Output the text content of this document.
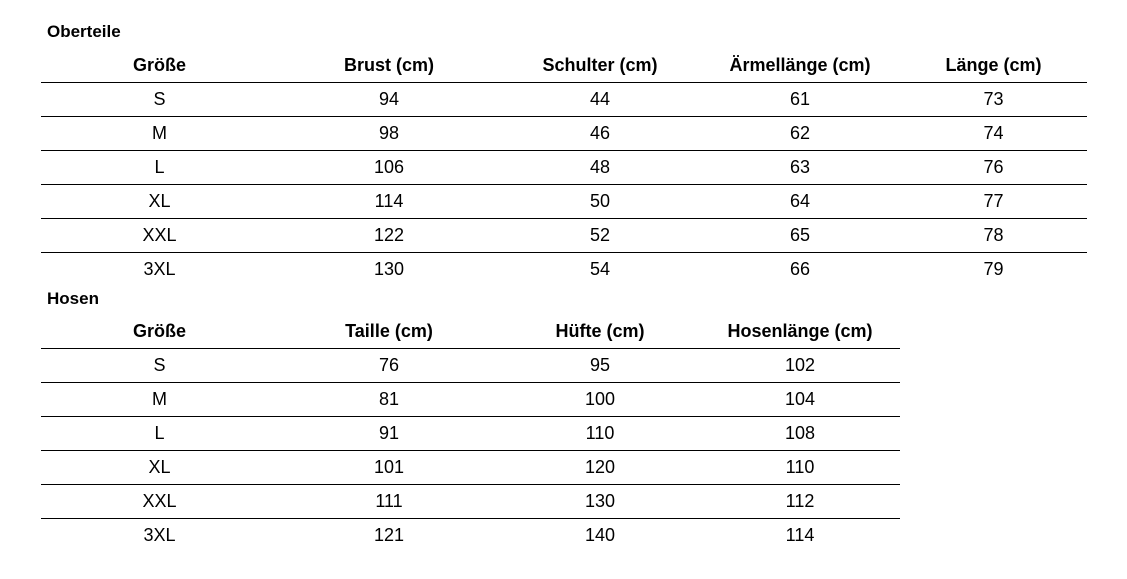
Oberteile
Größe	Brust (cm)	Schulter (cm)	Ärmellänge (cm)	Länge (cm)
S	94	44	61	73
M	98	46	62	74
L	106	48	63	76
XL	114	50	64	77
XXL	122	52	65	78
3XL	130	54	66	79
Hosen
Größe	Taille (cm)	Hüfte (cm)	Hosenlänge (cm)
S	76	95	102
M	81	100	104
L	91	110	108
XL	101	120	110
XXL	111	130	112
3XL	121	140	114
